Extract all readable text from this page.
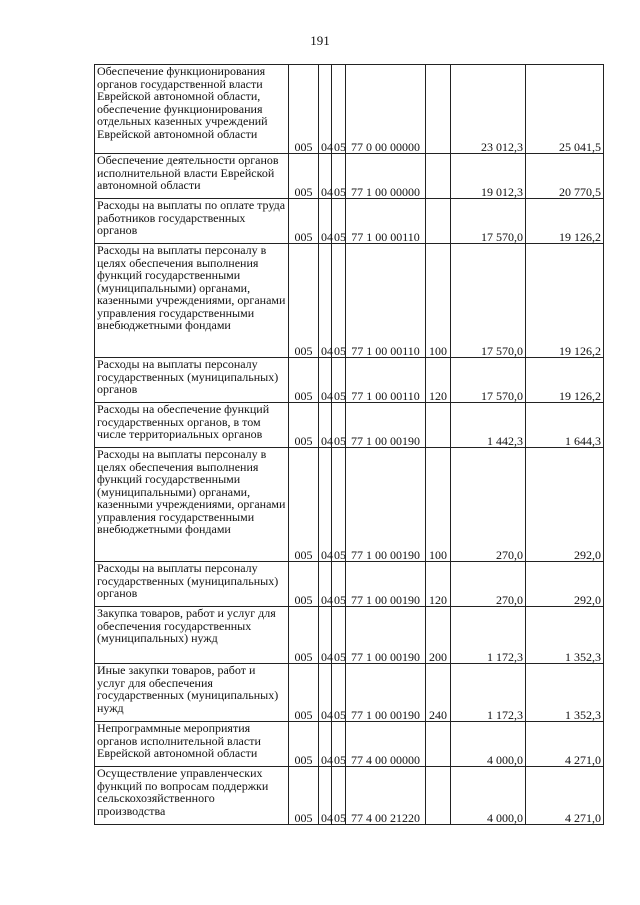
191
Обеспечение функционирования органов государственной власти Еврейской автономной области, обеспечение функционирования отдельных казенных учреждений Еврейской автономной области	005	04	05	77 0 00 00000		23 012,3	25 041,5

Обеспечение деятельности органов исполнительной власти Еврейской автономной области	005	04	05	77 1 00 00000		19 012,3	20 770,5

Расходы на выплаты по оплате труда работников государственных органов	005	04	05	77 1 00 00110		17 570,0	19 126,2

Расходы на выплаты персоналу в целях обеспечения выполнения функций государственными (муниципальными) органами, казенными учреждениями, органами управления государственными внебюджетными фондами	005	04	05	77 1 00 00110	100	17 570,0	19 126,2

Расходы на выплаты персоналу государственных (муниципальных) органов	005	04	05	77 1 00 00110	120	17 570,0	19 126,2

Расходы на обеспечение функций государственных органов, в том числе территориальных органов	005	04	05	77 1 00 00190		1 442,3	1 644,3

Расходы на выплаты персоналу в целях обеспечения выполнения функций государственными (муниципальными) органами, казенными учреждениями, органами управления государственными внебюджетными фондами	005	04	05	77 1 00 00190	100	270,0	292,0

Расходы на выплаты персоналу государственных (муниципальных) органов	005	04	05	77 1 00 00190	120	270,0	292,0

Закупка товаров, работ и услуг для обеспечения государственных (муниципальных) нужд	005	04	05	77 1 00 00190	200	1 172,3	1 352,3

Иные закупки товаров, работ и услуг для обеспечения государственных (муниципальных) нужд	005	04	05	77 1 00 00190	240	1 172,3	1 352,3

Непрограммные мероприятия органов исполнительной власти Еврейской автономной области	005	04	05	77 4 00 00000		4 000,0	4 271,0

Осуществление управленческих функций по вопросам поддержки сельскохозяйственного производства	005	04	05	77 4 00 21220		4 000,0	4 271,0
